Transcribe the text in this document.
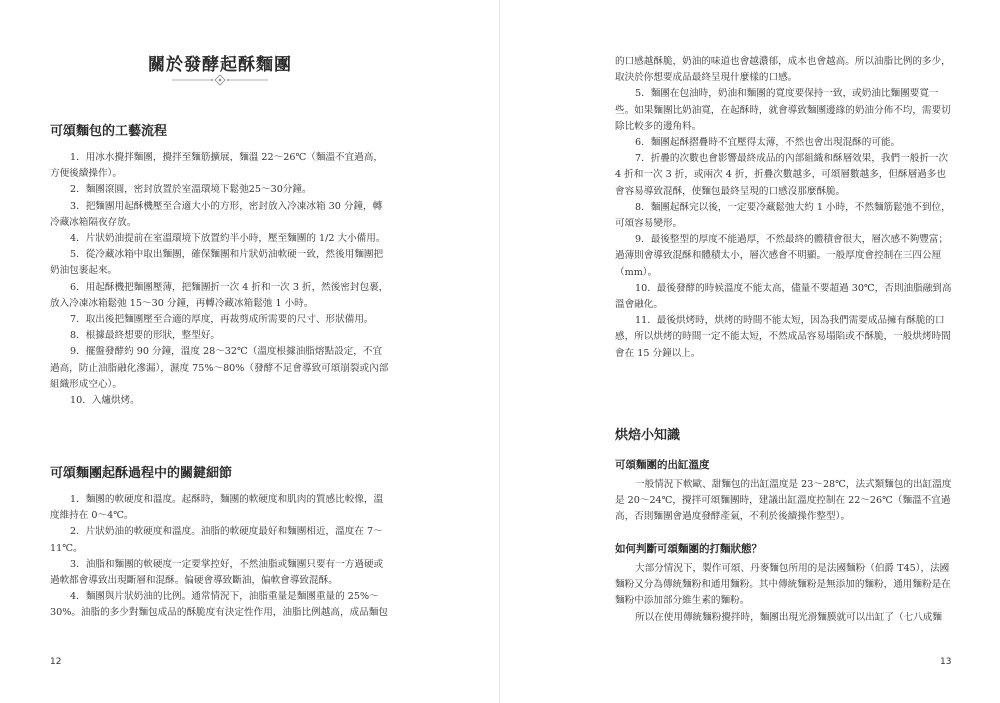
關於發酵起酥麵團
可頌麵包的工藝流程

1．用冰水攪拌麵團，攪拌至麵筋擴展，麵溫 22～26℃（麵溫不宜過高，方便後續操作）。

2．麵團滾圓，密封放置於室溫環境下鬆弛25～30分鐘。

3．把麵團用起酥機壓至合適大小的方形，密封放入冷凍冰箱 30 分鐘，轉冷藏冰箱隔夜存放。

4．片狀奶油提前在室溫環境下放置約半小時，壓至麵團的 1/2 大小備用。

5．從冷藏冰箱中取出麵團，確保麵團和片狀奶油軟硬一致，然後用麵團把奶油包裹起來。

6．用起酥機把麵團壓薄，把麵團折一次 4 折和一次 3 折，然後密封包裹，放入冷凍冰箱鬆弛 15～30 分鐘，再轉冷藏冰箱鬆弛 1 小時。

7．取出後把麵團壓至合適的厚度，再裁剪成所需要的尺寸、形狀備用。

8．根據最終想要的形狀，整型好。

9．擺盤發酵約 90 分鐘，溫度 28～32℃（溫度根據油脂熔點設定，不宜過高，防止油脂融化滲漏），濕度 75%～80%（發酵不足會導致可頌崩裂或內部組織形成空心）。

10．入爐烘烤。

可頌麵團起酥過程中的關鍵細節

1．麵團的軟硬度和溫度。起酥時，麵團的軟硬度和肌肉的質感比較像，溫度維持在 0～4℃。

2．片狀奶油的軟硬度和溫度。油脂的軟硬度最好和麵團相近，溫度在 7～11℃。

3．油脂和麵團的軟硬度一定要掌控好，不然油脂或麵團只要有一方過硬或過軟都會導致出現斷層和混酥。偏硬會導致斷油，偏軟會導致混酥。

4．麵團與片狀奶油的比例。通常情況下，油脂重量是麵團重量的 25%～30%。油脂的多少對麵包成品的酥脆度有決定性作用，油脂比例越高，成品麵包

12

的口感越酥脆，奶油的味道也會越濃郁，成本也會越高。所以油脂比例的多少，取決於你想要成品最終呈現什麼樣的口感。

5．麵團在包油時，奶油和麵團的寬度要保持一致，或奶油比麵團要寬一些。如果麵團比奶油寬，在起酥時，就會導致麵團邊緣的奶油分佈不均，需要切除比較多的邊角料。

6．麵團起酥摺疊時不宜壓得太薄，不然也會出現混酥的可能。

7．折疊的次數也會影響最終成品的內部組織和酥層效果，我們一般折一次 4 折和一次 3 折，或兩次 4 折，折疊次數越多，可頌層數越多，但酥層過多也會容易導致混酥，使麵包最終呈現的口感沒那麼酥脆。

8．麵團起酥完以後，一定要冷藏鬆弛大約 1 小時，不然麵筋鬆弛不到位，可頌容易變形。

9．最後整型的厚度不能過厚，不然最終的體積會很大，層次感不夠豐富；過薄則會導致混酥和體積太小，層次感會不明顯。一般厚度會控制在三四公厘（mm）。

10．最後發酵的時候溫度不能太高，儘量不要超過 30℃，否則油脂融到高溫會融化。

11．最後烘烤時，烘烤的時間不能太短，因為我們需要成品擁有酥脆的口感，所以烘烤的時間一定不能太短，不然成品容易塌陷或不酥脆，一般烘烤時間會在 15 分鐘以上。

烘焙小知識
可頌麵團的出缸溫度

一般情況下軟歐、甜麵包的出缸溫度是 23～28℃，法式類麵包的出缸溫度是 20～24℃，攪拌可頌麵團時，建議出缸溫度控制在 22～26℃（麵溫不宜過高，否則麵團會過度發酵產氣，不利於後續操作整型）。

如何判斷可頌麵團的打麵狀態？

大部分情況下，製作可頌、丹麥麵包所用的是法國麵粉（伯爵 T45），法國麵粉又分為傳統麵粉和通用麵粉。其中傳統麵粉是無添加的麵粉，通用麵粉是在麵粉中添加部分維生素的麵粉。

所以在使用傳統麵粉攪拌時，麵團出現光滑麵膜就可以出缸了（七八成麵

13
